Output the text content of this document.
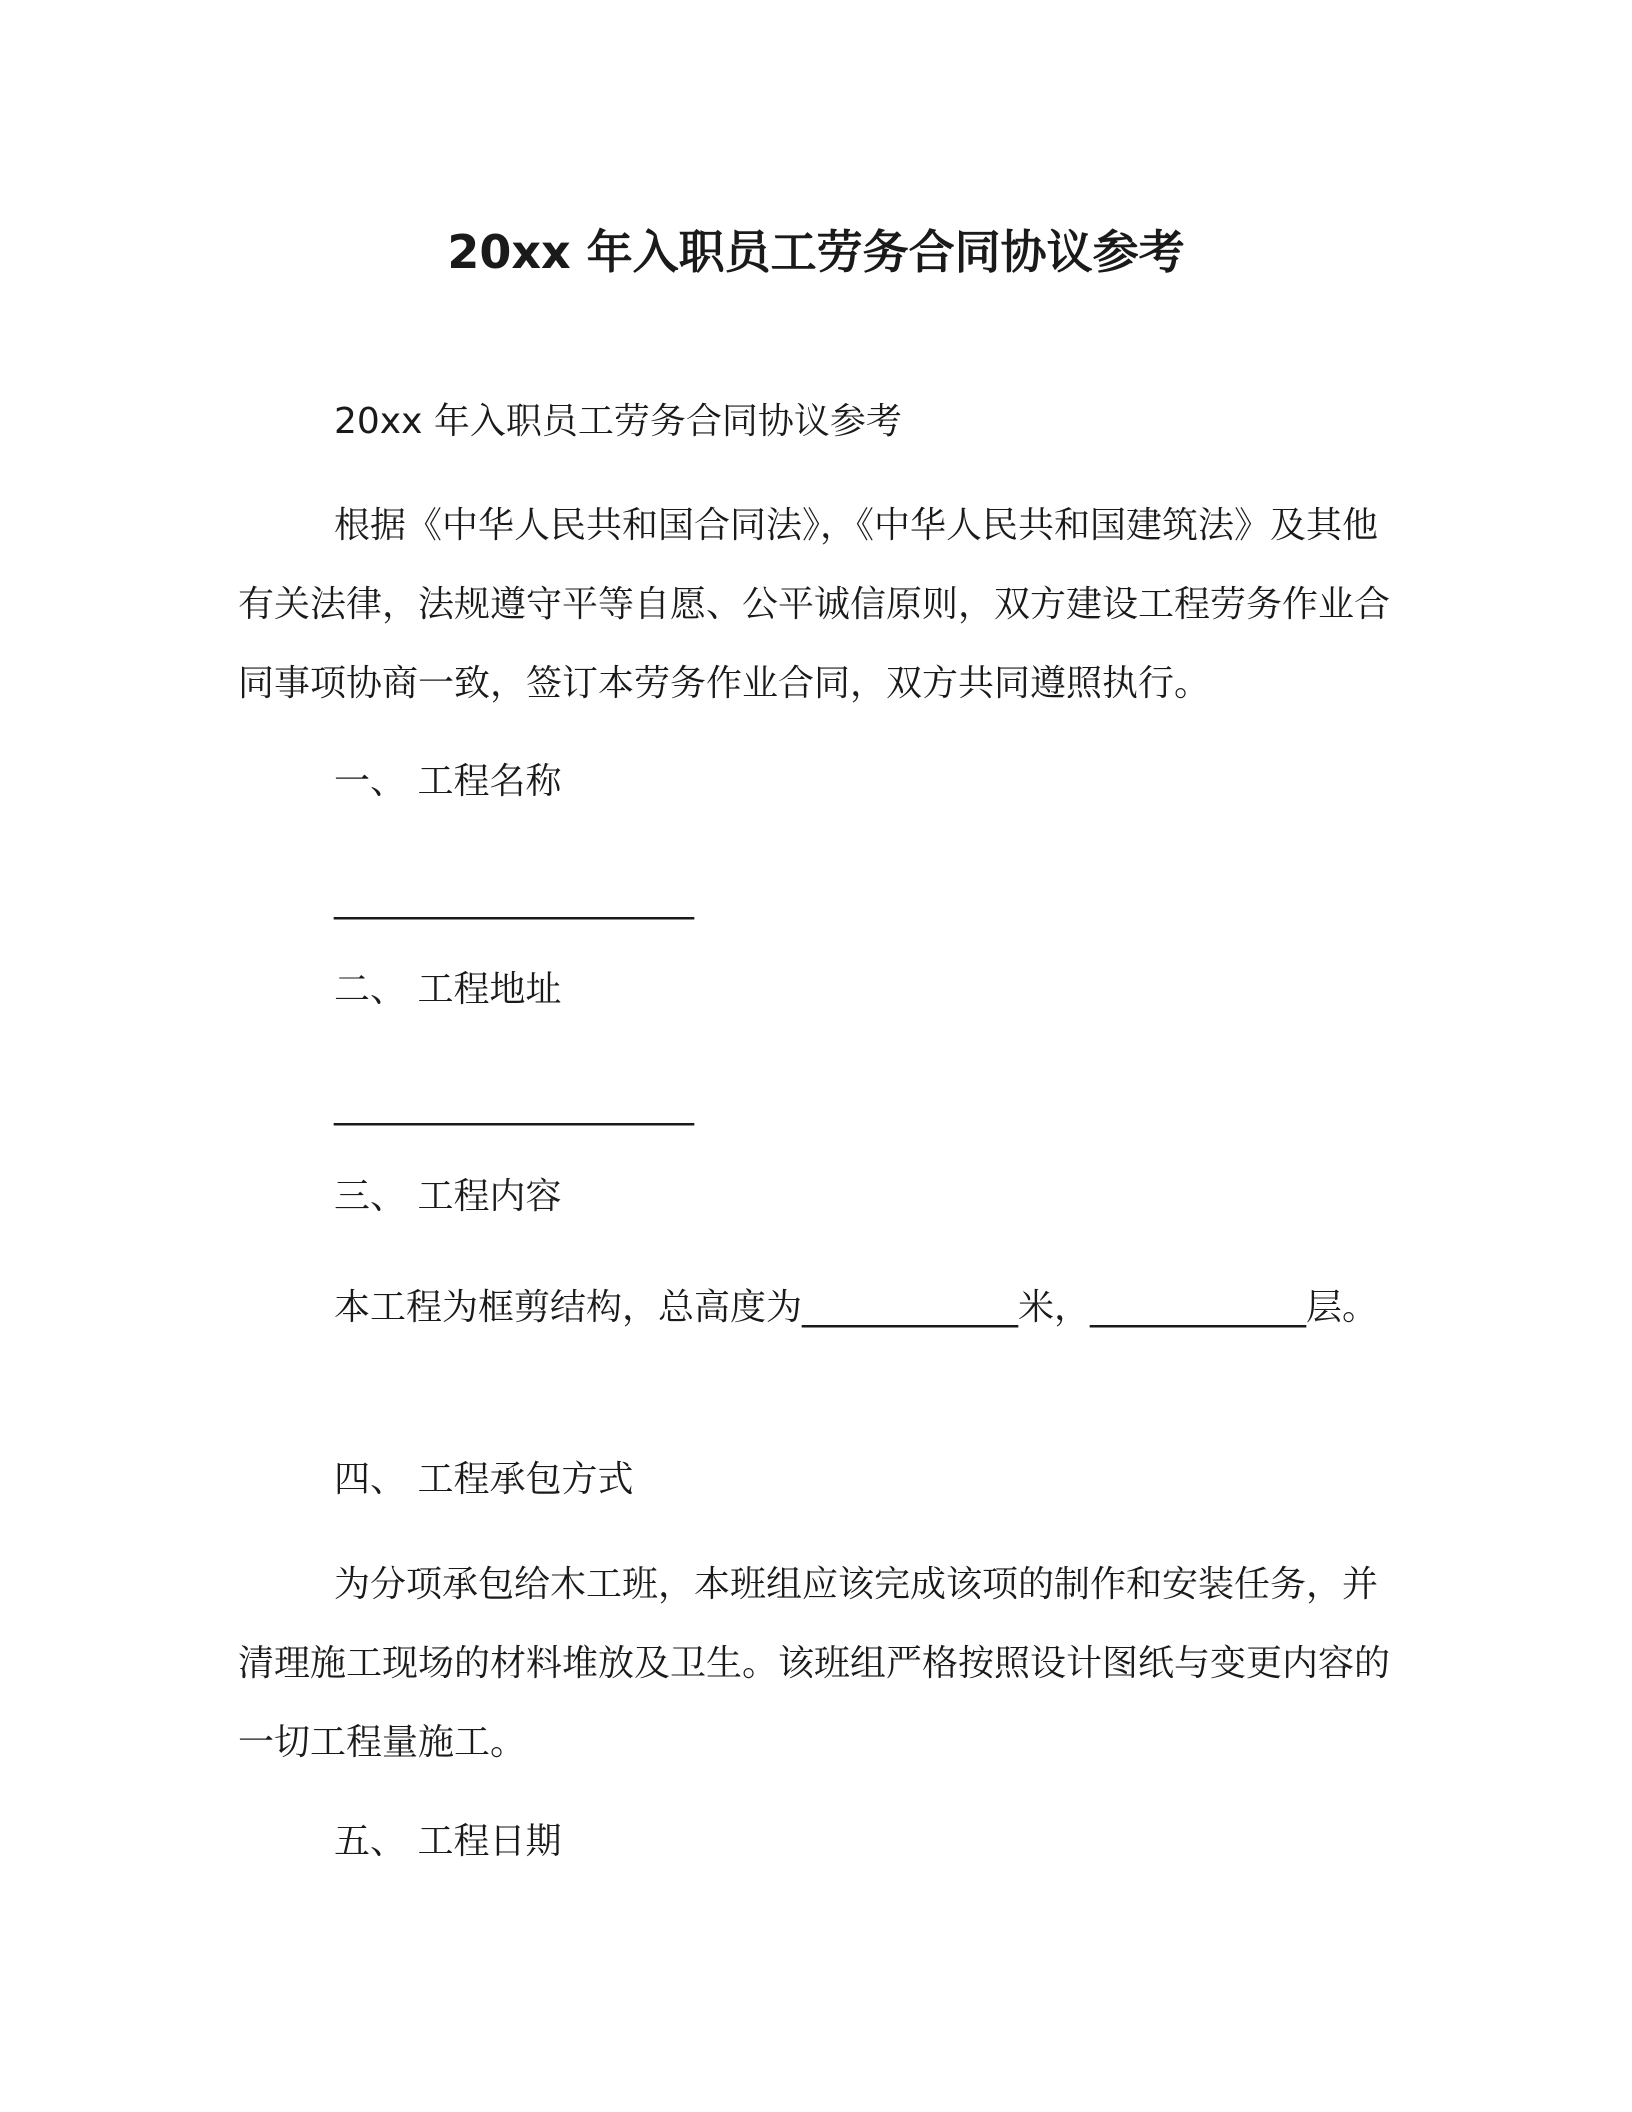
20xx 年入职员工劳务合同协议参考

20xx 年入职员工劳务合同协议参考

根据《中华人民共和国合同法》，《中华人民共和国建筑法》及其他有关法律，法规遵守平等自愿、公平诚信原则，双方建设工程劳务作业合同事项协商一致，签订本劳务作业合同，双方共同遵照执行。

一、 工程名称

____________________

二、 工程地址

____________________

三、 工程内容

本工程为框剪结构，总高度为____________米，____________层。

四、 工程承包方式

为分项承包给木工班，本班组应该完成该项的制作和安装任务，并清理施工现场的材料堆放及卫生。该班组严格按照设计图纸与变更内容的一切工程量施工。

五、 工程日期
